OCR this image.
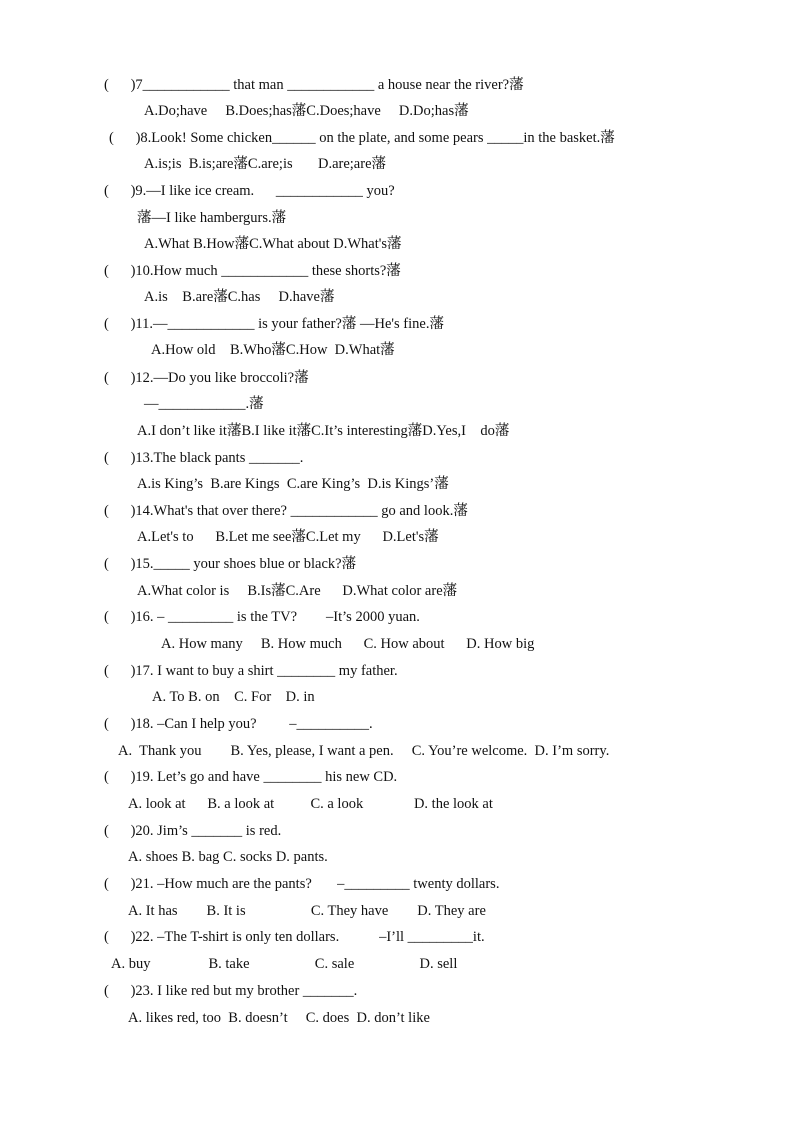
(      )7____________ that man ____________ a house near the river?藩
A.Do;have     B.Does;has藩C.Does;have     D.Do;has藩
(      )8.Look! Some chicken______ on the plate, and some pears _____in the basket.藩
A.is;is  B.is;are藩C.are;is       D.are;are藩
(      )9.—I like ice cream.      ____________ you?
藩—I like hambergurs.藩
A.What B.How藩C.What about D.What's藩
(      )10.How much ____________ these shorts?藩
A.is    B.are藩C.has     D.have藩
(      )11.—____________ is your father?藩 —He's fine.藩
A.How old    B.Who藩C.How  D.What藩
(      )12.—Do you like broccoli?藩
—____________.藩
A.I don’t like it藩B.I like it藩C.It’s interesting藩D.Yes,I    do藩
(      )13.The black pants _______.
A.is King’s  B.are Kings  C.are King’s  D.is Kings’藩
(      )14.What's that over there? ____________ go and look.藩
A.Let's to      B.Let me see藩C.Let my      D.Let's藩
(      )15._____ your shoes blue or black?藩
A.What color is     B.Is藩C.Are      D.What color are藩
(      )16. – _________ is the TV?        –It’s 2000 yuan.
A. How many     B. How much      C. How about      D. How big
(      )17. I want to buy a shirt ________ my father.
A. To B. on    C. For    D. in
(      )18. –Can I help you?         –__________.
A.  Thank you        B. Yes, please, I want a pen.     C. You’re welcome.  D. I’m sorry.
(      )19. Let’s go and have ________ his new CD.
A. look at      B. a look at          C. a look              D. the look at
(      )20. Jim’s _______ is red.
A. shoes B. bag C. socks D. pants.
(      )21. –How much are the pants?       –_________ twenty dollars.
A. It has        B. It is                  C. They have        D. They are
(      )22. –The T-shirt is only ten dollars.           –I’ll _________it.
A. buy                B. take                  C. sale                  D. sell
(      )23. I like red but my brother _______.
A. likes red, too  B. doesn’t     C. does  D. don’t like
